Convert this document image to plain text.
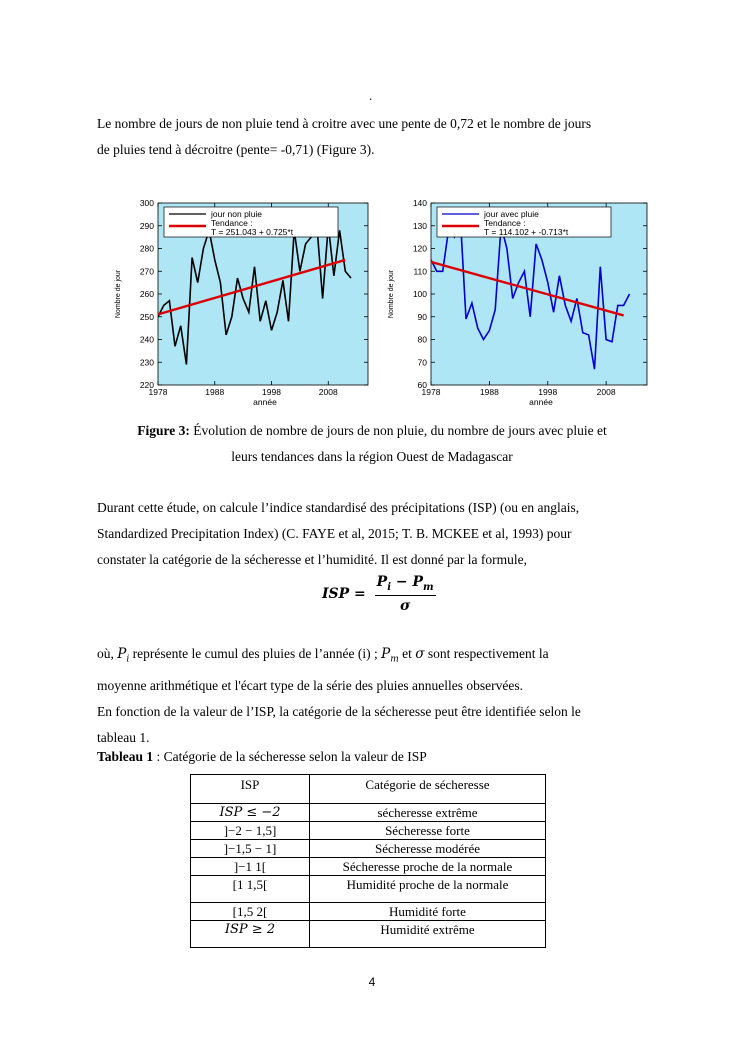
.
Le nombre de jours de non pluie tend à croitre avec une pente de 0,72 et le nombre de jours
de pluies tend à décroitre (pente= -0,71) (Figure 3).
220
230
240
250
260
270
280
290
300
1978	1988	1998	2008
année
Nombre de jour
jour non pluie
Tendance :
T = 251.043 + 0.725*t
60
70
80
90
100
110
120
130
140
1978	1988	1998	2008
année
Nombre de jour
jour avec pluie
Tendance :
T = 114.102 + -0.713*t
Figure 3: Évolution de nombre de jours de non pluie, du nombre de jours avec pluie et
leurs tendances dans la région Ouest de Madagascar
Durant cette étude, on calcule l’indice standardisé des précipitations (ISP) (ou en anglais,
Standardized Precipitation Index) (C. FAYE et al, 2015; T. B. MCKEE et al, 1993) pour
constater la catégorie de la sécheresse et l’humidité. Il est donné par la formule,
ISP = $\frac{P_i - P_m}{\sigma}$
où, $P_i$ représente le cumul des pluies de l’année (i) ; $P_m$ et σ sont respectivement la
moyenne arithmétique et l'écart type de la série des pluies annuelles observées.
En fonction de la valeur de l’ISP, la catégorie de la sécheresse peut être identifiée selon le
tableau 1.
Tableau 1 : Catégorie de la sécheresse selon la valeur de ISP
ISP	Catégorie de sécheresse
ISP ≤ −2	sécheresse extrême
]−2 − 1,5]	Sécheresse forte
]−1,5 − 1]	Sécheresse modérée
]−1 1[	Sécheresse proche de la normale
[1 1,5[	Humidité proche de la normale
[1,5 2[	Humidité forte
ISP ≥ 2	Humidité extrême
4
